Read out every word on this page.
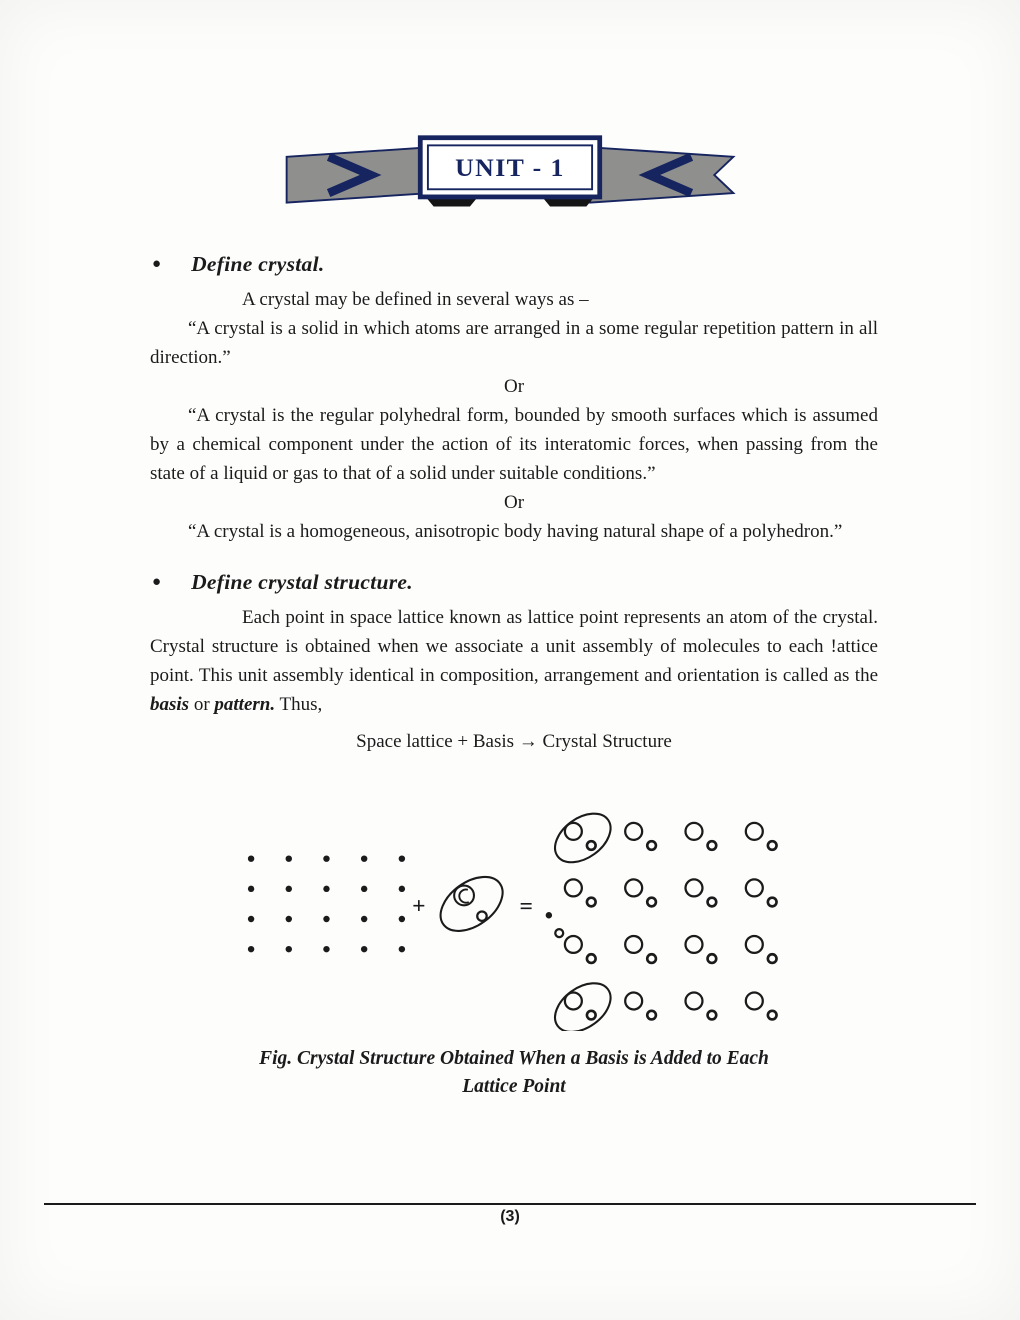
UNIT - 1
● Define crystal.

A crystal may be defined in several ways as –

“A crystal is a solid in which atoms are arranged in a some regular repetition pattern in all direction.”

Or

“A crystal is the regular polyhedral form, bounded by smooth surfaces which is assumed by a chemical component under the action of its interatomic forces, when passing from the state of a liquid or gas to that of a solid under suitable conditions.”

Or

“A crystal is a homogeneous, anisotropic body having natural shape of a polyhedron.”

● Define crystal structure.

Each point in space lattice known as lattice point represents an atom of the crystal. Crystal structure is obtained when we associate a unit assembly of molecules to each !attice point. This unit assembly identical in composition, arrangement and orientation is called as the basis or pattern. Thus,

Space lattice + Basis → Crystal Structure

+	=
Fig. Crystal Structure Obtained When a Basis is Added to Each
Lattice Point

(3)
